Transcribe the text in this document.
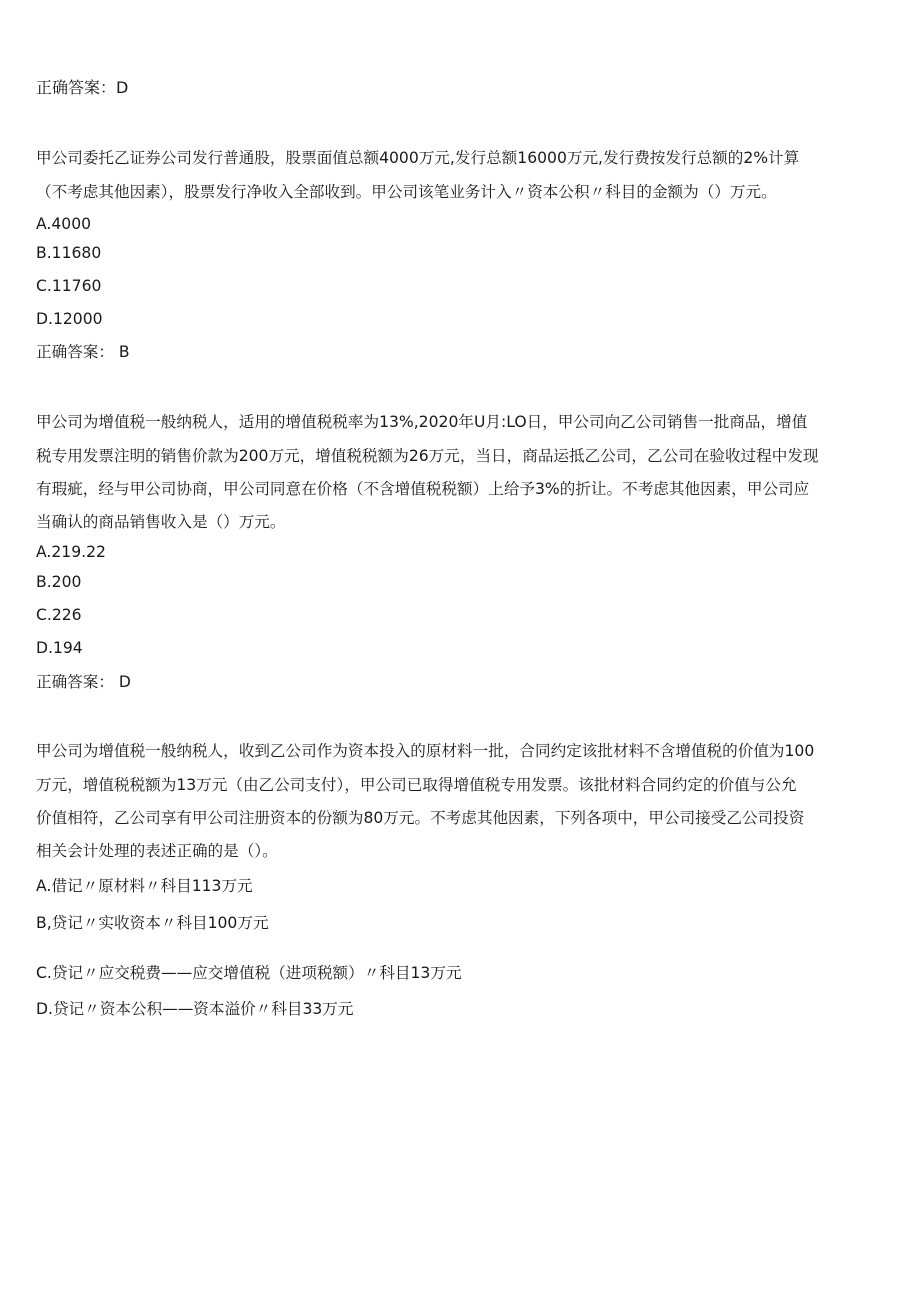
正确答案：D
甲公司委托乙证券公司发行普通股，股票面值总额4000万元,发行总额16000万元,发行费按发行总额的2%计算
（不考虑其他因素），股票发行净收入全部收到。甲公司该笔业务计入〃资本公积〃科目的金额为（）万元。
A.4000
B.11680
C.11760
D.12000
正确答案： B
甲公司为增值税一般纳税人，适用的增值税税率为13%,2020年U月:LO日，甲公司向乙公司销售一批商品，增值
税专用发票注明的销售价款为200万元，增值税税额为26万元，当日，商品运抵乙公司，乙公司在验收过程中发现
有瑕疵，经与甲公司协商，甲公司同意在价格（不含增值税税额）上给予3%的折让。不考虑其他因素，甲公司应
当确认的商品销售收入是（）万元。
A.219.22
B.200
C.226
D.194
正确答案： D
甲公司为增值税一般纳税人，收到乙公司作为资本投入的原材料一批，合同约定该批材料不含增值税的价值为100
万元，增值税税额为13万元（由乙公司支付），甲公司已取得增值税专用发票。该批材料合同约定的价值与公允
价值相符，乙公司享有甲公司注册资本的份额为80万元。不考虑其他因素，下列各项中，甲公司接受乙公司投资
相关会计处理的表述正确的是（）。
A.借记〃原材料〃科目113万元
B,贷记〃实收资本〃科目100万元
C.贷记〃应交税费——应交增值税（进项税额）〃科目13万元
D.贷记〃资本公积——资本溢价〃科目33万元
